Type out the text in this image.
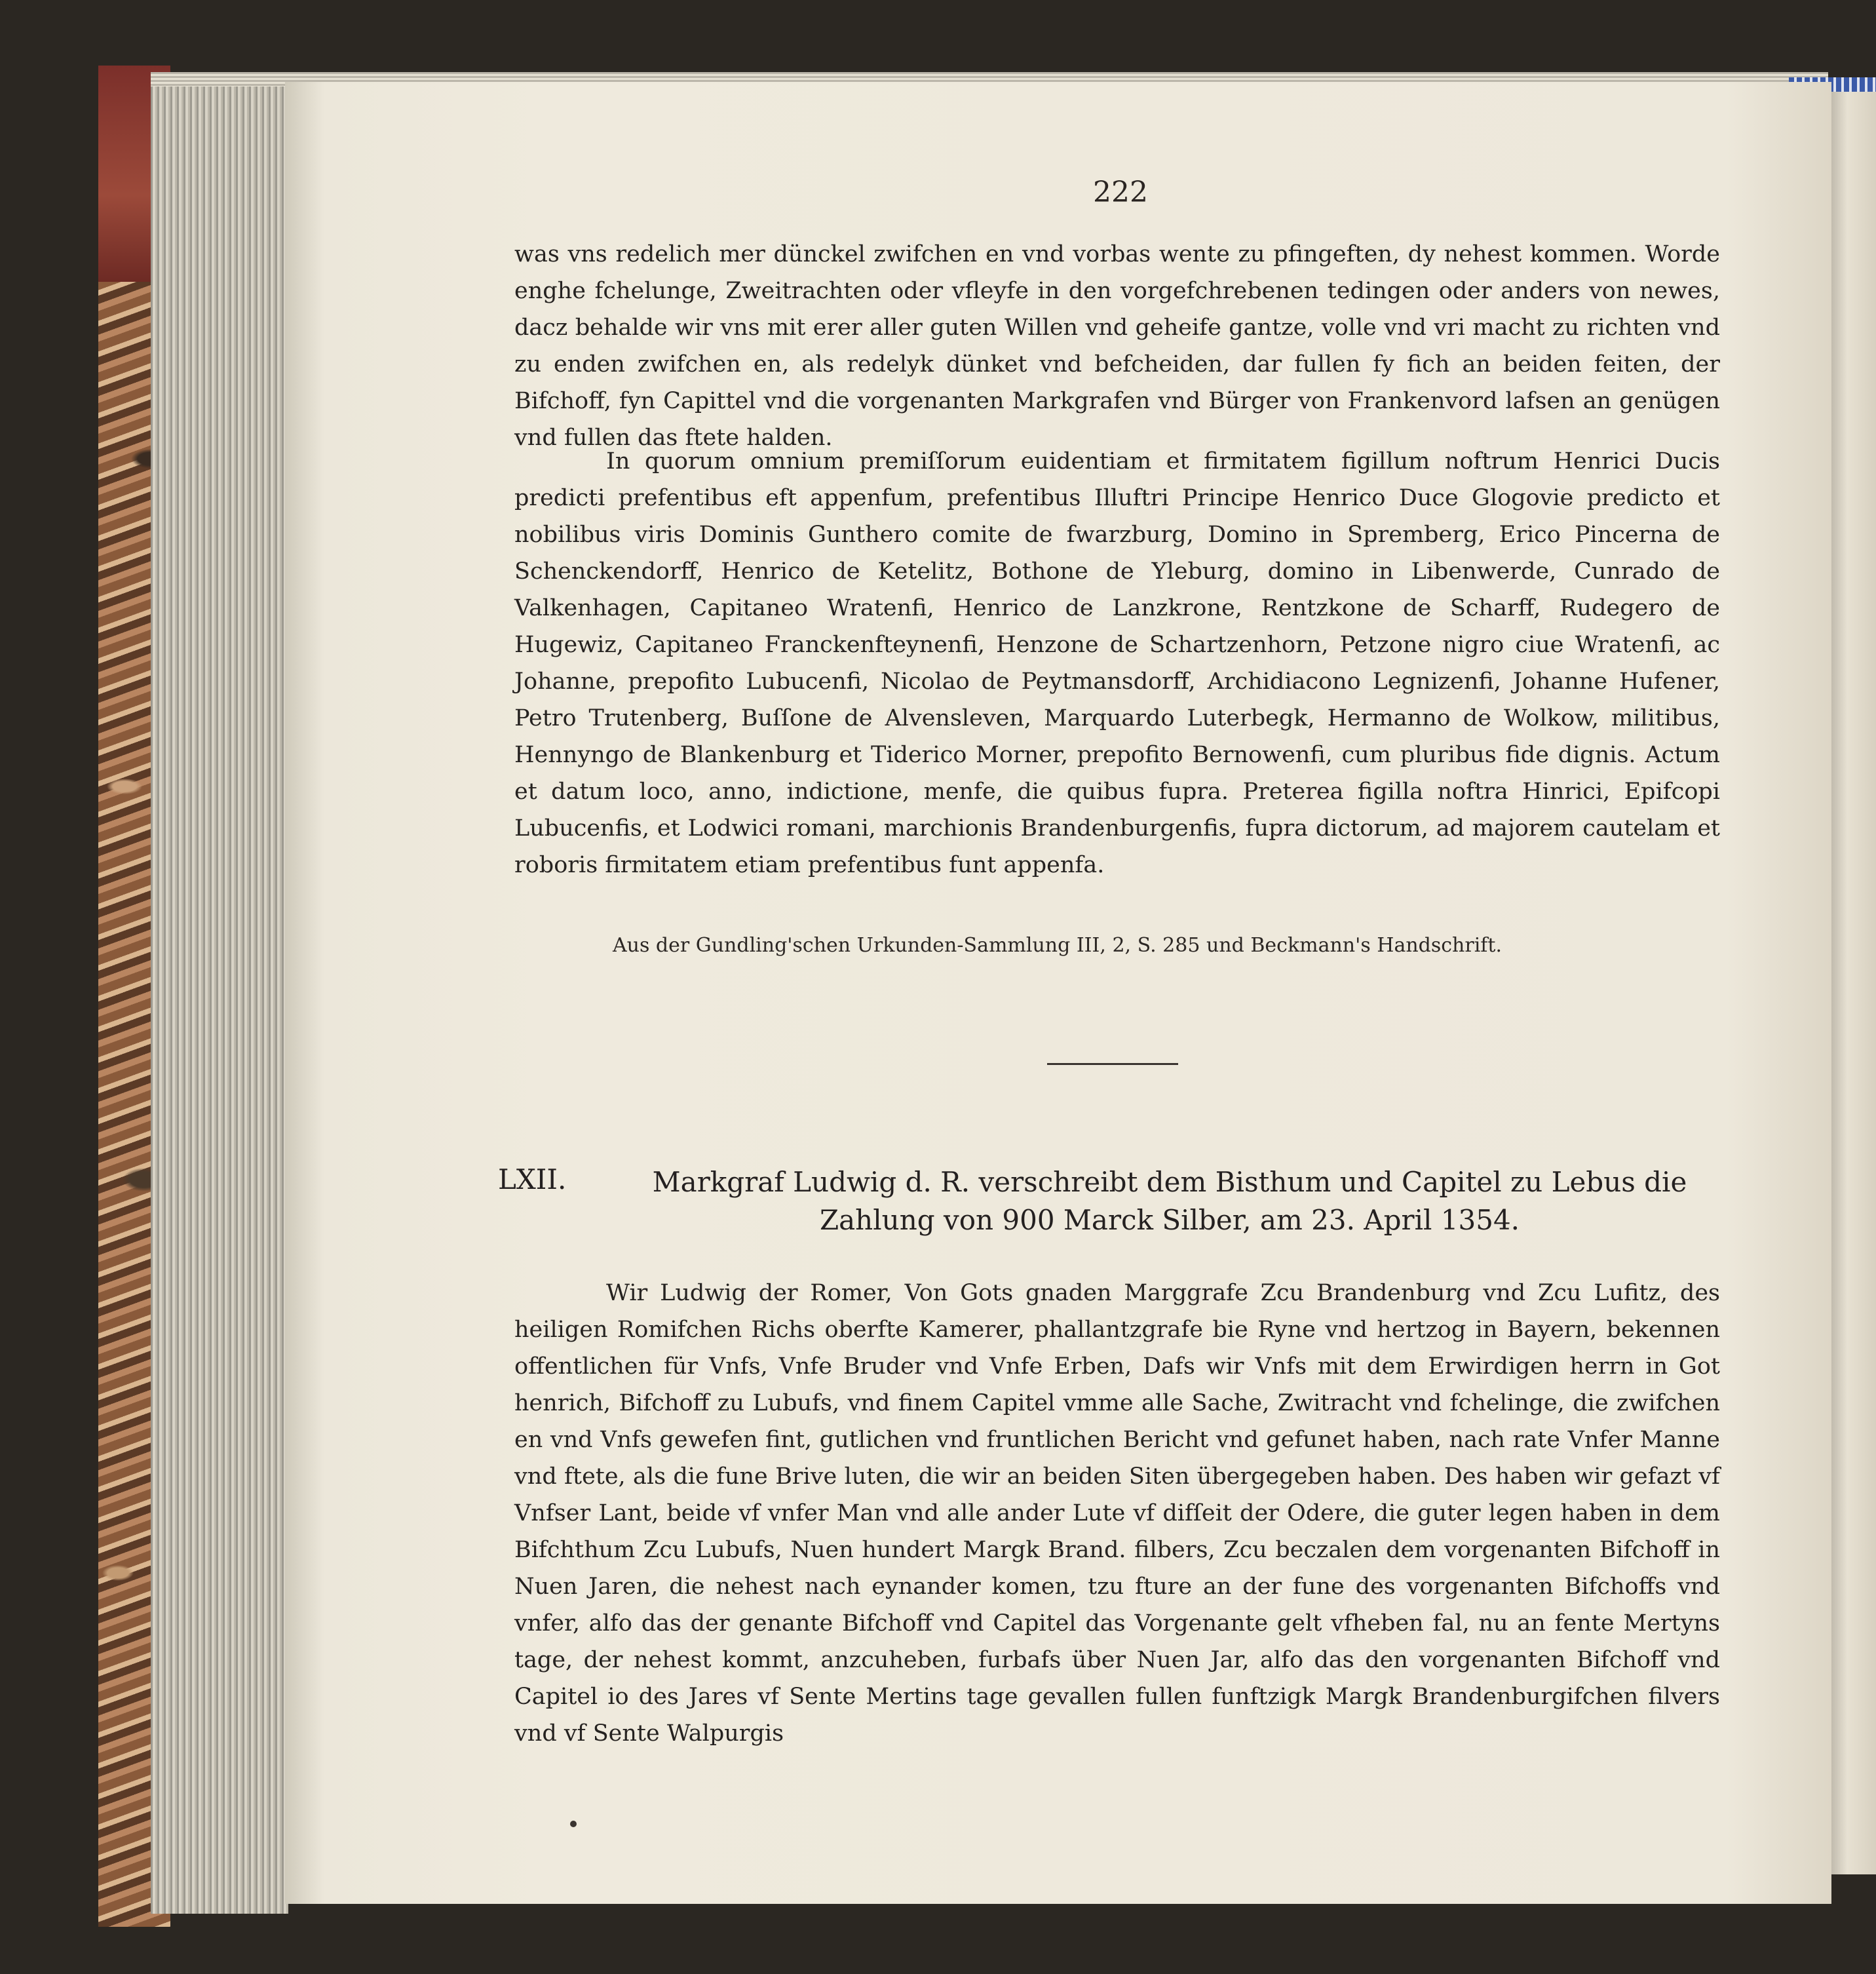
222

was vns redelich mer dünckel zwifchen en vnd vorbas wente zu pfingeften, dy nehest kommen. Worde enghe fchelunge, Zweitrachten oder vfleyfe in den vorgefchrebenen tedingen oder anders von newes, dacz behalde wir vns mit erer aller guten Willen vnd geheife gantze, volle vnd vri macht zu richten vnd zu enden zwifchen en, als redelyk dünket vnd befcheiden, dar fullen fy fich an beiden feiten, der Bifchoff, fyn Capittel vnd die vorgenanten Markgrafen vnd Bürger von Frankenvord lafsen an genügen vnd fullen das ftete halden.

In quorum omnium premiſſorum euidentiam et firmitatem figillum noftrum Henrici Ducis predicti prefentibus eft appenfum, prefentibus Illuftri Principe Henrico Duce Glogovie predicto et nobilibus viris Dominis Gunthero comite de fwarzburg, Domino in Spremberg, Erico Pincerna de Schenckendorff, Henrico de Ketelitz, Bothone de Yleburg, domino in Libenwerde, Cunrado de Valkenhagen, Capitaneo Wratenfi, Henrico de Lanzkrone, Rentzkone de Scharff, Rudegero de Hugewiz, Capitaneo Franckenfteynenfi, Henzone de Schartzenhorn, Petzone nigro ciue Wratenfi, ac Johanne, prepofito Lubucenfi, Nicolao de Peytmansdorff, Archidiacono Legnizenfi, Johanne Hufener, Petro Trutenberg, Buſſone de Alvensleven, Marquardo Luterbegk, Hermanno de Wolkow, militibus, Hennyngo de Blankenburg et Tiderico Morner, prepofito Bernowenfi, cum pluribus fide dignis. Actum et datum loco, anno, indictione, menfe, die quibus fupra. Preterea figilla noftra Hinrici, Epifcopi Lubucenfis, et Lodwici romani, marchionis Brandenburgenfis, fupra dictorum, ad majorem cautelam et roboris firmitatem etiam prefentibus funt appenfa.

Aus der Gundling'schen Urkunden-Sammlung III, 2, S. 285 und Beckmann's Handschrift.
LXII.	Markgraf Ludwig d. R. verschreibt dem Bisthum und Capitel zu Lebus die Zahlung von 900 Marck Silber, am 23. April 1354.

Wir Ludwig der Romer, Von Gots gnaden Marggrafe Zcu Brandenburg vnd Zcu Lufitz, des heiligen Romifchen Richs oberfte Kamerer, phallantzgrafe bie Ryne vnd hertzog in Bayern, bekennen offentlichen für Vnfs, Vnfe Bruder vnd Vnfe Erben, Dafs wir Vnfs mit dem Erwirdigen herrn in Got henrich, Bifchoff zu Lubufs, vnd finem Capitel vmme alle Sache, Zwitracht vnd fchelinge, die zwifchen en vnd Vnfs gewefen fint, gutlichen vnd fruntlichen Bericht vnd gefunet haben, nach rate Vnfer Manne vnd ftete, als die fune Brive luten, die wir an beiden Siten übergegeben haben. Des haben wir gefazt vf Vnfser Lant, beide vf vnfer Man vnd alle ander Lute vf difſeit der Odere, die guter legen haben in dem Bifchthum Zcu Lubufs, Nuen hundert Margk Brand. filbers, Zcu beczalen dem vorgenanten Bifchoff in Nuen Jaren, die nehest nach eynander komen, tzu fture an der fune des vorgenanten Bifchoffs vnd vnfer, alfo das der genante Bifchoff vnd Capitel das Vorgenante gelt vfheben fal, nu an fente Mertyns tage, der nehest kommt, anzcuheben, furbafs über Nuen Jar, alfo das den vorgenanten Bifchoff vnd Capitel io des Jares vf Sente Mertins tage gevallen fullen funftzigk Margk Brandenburgifchen filvers vnd vf Sente Walpurgis
